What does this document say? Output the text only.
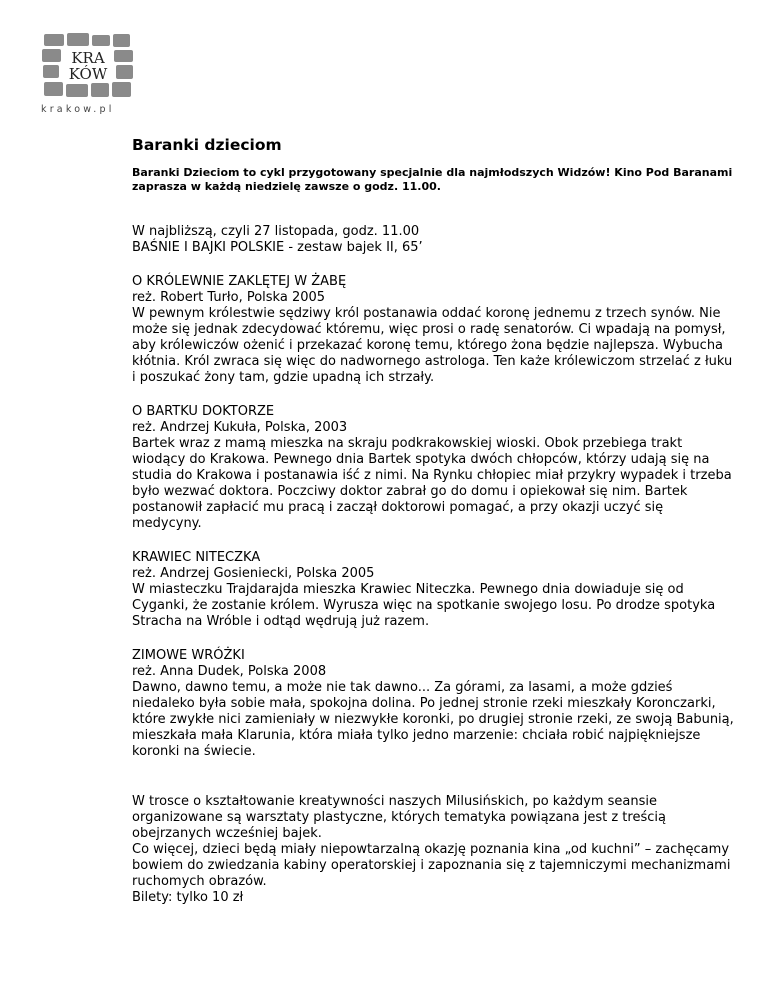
KRA
KÓW
krakow.pl
Baranki dzieciom
Baranki Dzieciom to cykl przygotowany specjalnie dla najmłodszych Widzów! Kino Pod Baranami zaprasza w każdą niedzielę zawsze o godz. 11.00.

W najbliższą, czyli 27 listopada, godz. 11.00

BAŚNIE I BAJKI POLSKIE - zestaw bajek II, 65’

O KRÓLEWNIE ZAKLĘTEJ W ŻABĘ

reż. Robert Turło, Polska 2005

W pewnym królestwie sędziwy król postanawia oddać koronę jednemu z trzech synów. Nie może się jednak zdecydować któremu, więc prosi o radę senatorów. Ci wpadają na pomysł, aby królewiczów ożenić i przekazać koronę temu, którego żona będzie najlepsza. Wybucha kłótnia. Król zwraca się więc do nadwornego astrologa. Ten każe królewiczom strzelać z łuku i poszukać żony tam, gdzie upadną ich strzały.

O BARTKU DOKTORZE

reż. Andrzej Kukuła, Polska, 2003

Bartek wraz z mamą mieszka na skraju podkrakowskiej wioski. Obok przebiega trakt wiodący do Krakowa. Pewnego dnia Bartek spotyka dwóch chłopców, którzy udają się na studia do Krakowa i postanawia iść z nimi. Na Rynku chłopiec miał przykry wypadek i trzeba było wezwać doktora. Poczciwy doktor zabrał go do domu i opiekował się nim. Bartek postanowił zapłacić mu pracą i zaczął doktorowi pomagać, a przy okazji uczyć się medycyny.

KRAWIEC NITECZKA

reż. Andrzej Gosieniecki, Polska 2005

W miasteczku Trajdarajda mieszka Krawiec Niteczka. Pewnego dnia dowiaduje się od Cyganki, że zostanie królem. Wyrusza więc na spotkanie swojego losu. Po drodze spotyka Stracha na Wróble i odtąd wędrują już razem.

ZIMOWE WRÓŻKI

reż. Anna Dudek, Polska 2008

Dawno, dawno temu, a może nie tak dawno... Za górami, za lasami, a może gdzieś niedaleko była sobie mała, spokojna dolina. Po jednej stronie rzeki mieszkały Koronczarki, które zwykłe nici zamieniały w niezwykłe koronki, po drugiej stronie rzeki, ze swoją Babunią, mieszkała mała Klarunia, która miała tylko jedno marzenie: chciała robić najpiękniejsze koronki na świecie.

W trosce o kształtowanie kreatywności naszych Milusińskich, po każdym seansie organizowane są warsztaty plastyczne, których tematyka powiązana jest z treścią obejrzanych wcześniej bajek.

Co więcej, dzieci będą miały niepowtarzalną okazję poznania kina „od kuchni” – zachęcamy bowiem do zwiedzania kabiny operatorskiej i zapoznania się z tajemniczymi mechanizmami ruchomych obrazów.

Bilety: tylko 10 zł
